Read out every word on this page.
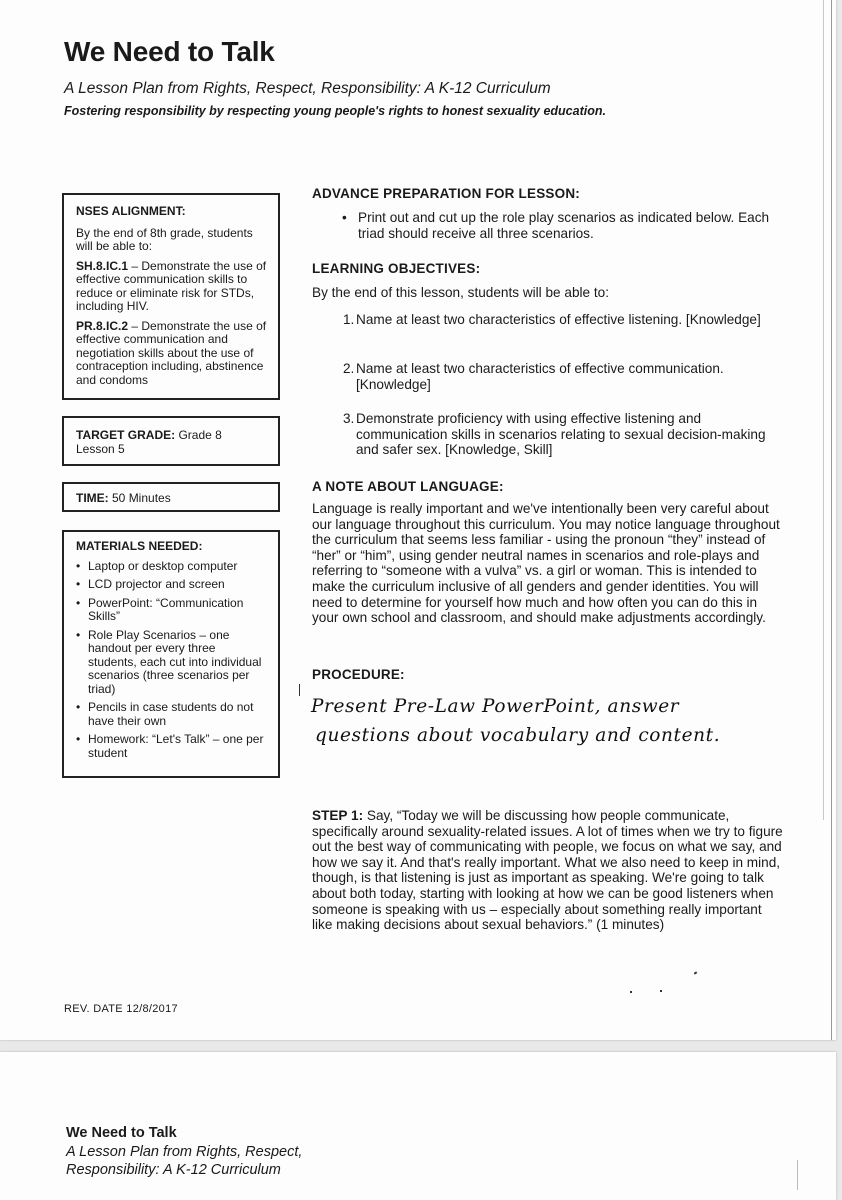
We Need to Talk
A Lesson Plan from Rights, Respect, Responsibility: A K-12 Curriculum
Fostering responsibility by respecting young people's rights to honest sexuality education.
NSES ALIGNMENT:

By the end of 8th grade, students will be able to:

SH.8.IC.1 – Demonstrate the use of effective communication skills to reduce or eliminate risk for STDs, including HIV.

PR.8.IC.2 – Demonstrate the use of effective communication and negotiation skills about the use of contraception including, abstinence and condoms

TARGET GRADE: Grade 8
Lesson 5
TIME: 50 Minutes
MATERIALS NEEDED:
• Laptop or desktop computer
• LCD projector and screen
• PowerPoint: “Communication Skills”
• Role Play Scenarios – one handout per every three students, each cut into individual scenarios (three scenarios per triad)
• Pencils in case students do not have their own
• Homework: “Let's Talk” – one per student
ADVANCE PREPARATION FOR LESSON:
• Print out and cut up the role play scenarios as indicated below. Each triad should receive all three scenarios.
LEARNING OBJECTIVES:
By the end of this lesson, students will be able to:
1. Name at least two characteristics of effective listening. [Knowledge]
2. Name at least two characteristics of effective communication. [Knowledge]
3. Demonstrate proficiency with using effective listening and communication skills in scenarios relating to sexual decision-making and safer sex. [Knowledge, Skill]
A NOTE ABOUT LANGUAGE:
Language is really important and we've intentionally been very careful about our language throughout this curriculum. You may notice language throughout the curriculum that seems less familiar - using the pronoun “they” instead of “her” or “him”, using gender neutral names in scenarios and role-plays and referring to “someone with a vulva” vs. a girl or woman. This is intended to make the curriculum inclusive of all genders and gender identities. You will need to determine for yourself how much and how often you can do this in your own school and classroom, and should make adjustments accordingly.
PROCEDURE:
Present Pre-Law PowerPoint, answer
questions about vocabulary and content.
STEP 1: Say, “Today we will be discussing how people communicate, specifically around sexuality-related issues. A lot of times when we try to figure out the best way of communicating with people, we focus on what we say, and how we say it. And that's really important. What we also need to keep in mind, though, is that listening is just as important as speaking. We're going to talk about both today, starting with looking at how we can be good listeners when someone is speaking with us – especially about something really important like making decisions about sexual behaviors.” (1 minutes)
REV. DATE 12/8/2017
We Need to Talk
A Lesson Plan from Rights, Respect,
Responsibility: A K-12 Curriculum
